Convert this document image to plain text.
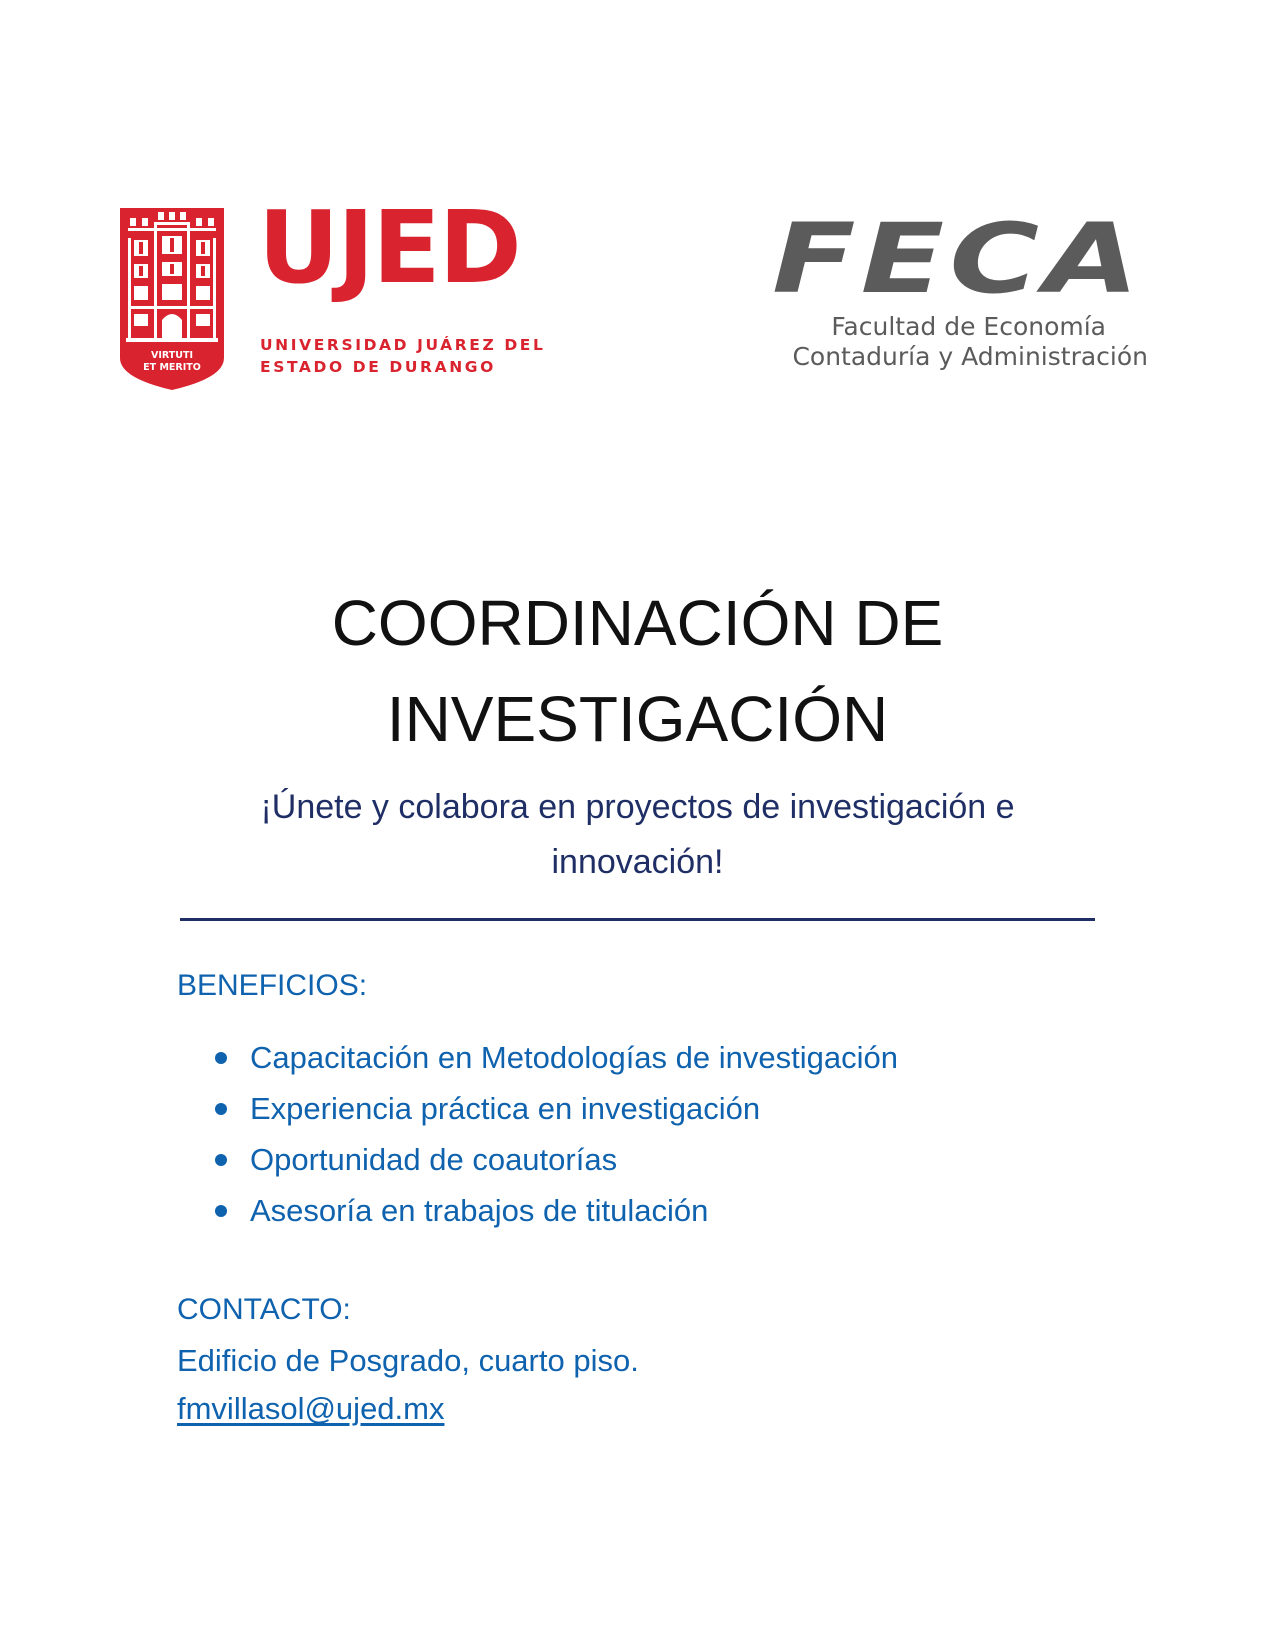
VIRTUTI
ET MERITO
UJED
UNIVERSIDAD JUÁREZ DEL
ESTADO DE DURANGO
FECA
Facultad de Economía
Contaduría y Administración
COORDINACIÓN DE
INVESTIGACIÓN

¡Únete y colabora en proyectos de investigación e innovación!

BENEFICIOS:
Capacitación en Metodologías de investigación
Experiencia práctica en investigación
Oportunidad de coautorías
Asesoría en trabajos de titulación
CONTACTO:

Edificio de Posgrado, cuarto piso.

fmvillasol@ujed.mx
